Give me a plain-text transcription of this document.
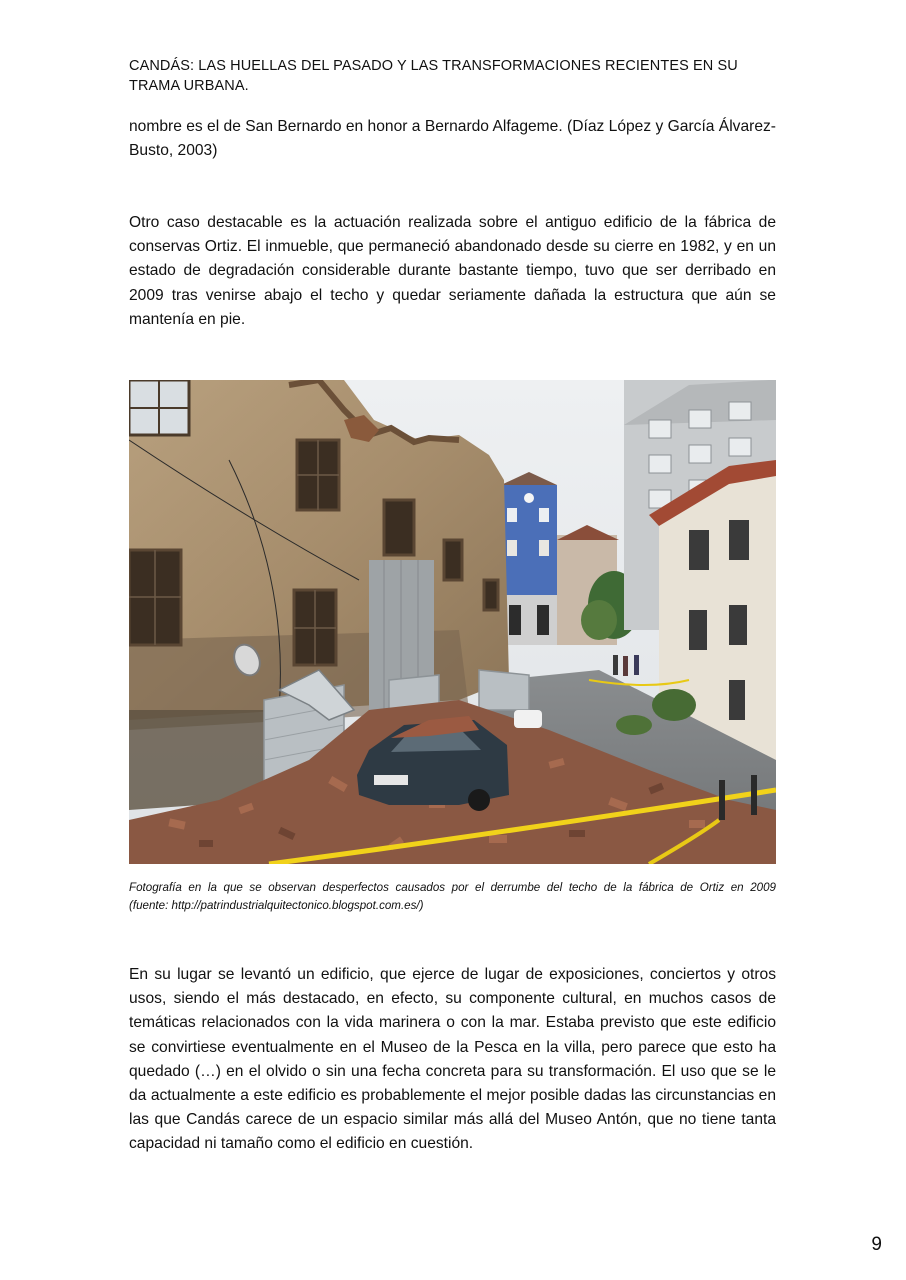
CANDÁS: LAS HUELLAS DEL PASADO Y LAS TRANSFORMACIONES RECIENTES EN SU TRAMA URBANA.

nombre es el de San Bernardo en honor a Bernardo Alfageme. (Díaz López y García Álvarez-Busto, 2003)

Otro caso destacable es la actuación realizada sobre el antiguo edificio de la fábrica de conservas Ortiz. El inmueble, que permaneció abandonado desde su cierre en 1982, y en un estado de degradación considerable durante bastante tiempo, tuvo que ser derribado en 2009 tras venirse abajo el techo y quedar seriamente dañada la estructura que aún se mantenía en pie.

Fotografía en la que se observan desperfectos causados por el derrumbe del techo de la fábrica de Ortiz en 2009
(fuente: http://patrindustrialquitectonico.blogspot.com.es/)

En su lugar se levantó un edificio, que ejerce de lugar de exposiciones, conciertos y otros usos, siendo el más destacado, en efecto, su componente cultural, en muchos casos de temáticas relacionados con la vida marinera o con la mar. Estaba previsto que este edificio se convirtiese eventualmente en el Museo de la Pesca en la villa, pero parece que esto ha quedado (…) en el olvido o sin una fecha concreta para su transformación. El uso que se le da actualmente a este edificio es probablemente el mejor posible dadas las circunstancias en las que Candás carece de un espacio similar más allá del Museo Antón, que no tiene tanta capacidad ni tamaño como el edificio en cuestión.

9
